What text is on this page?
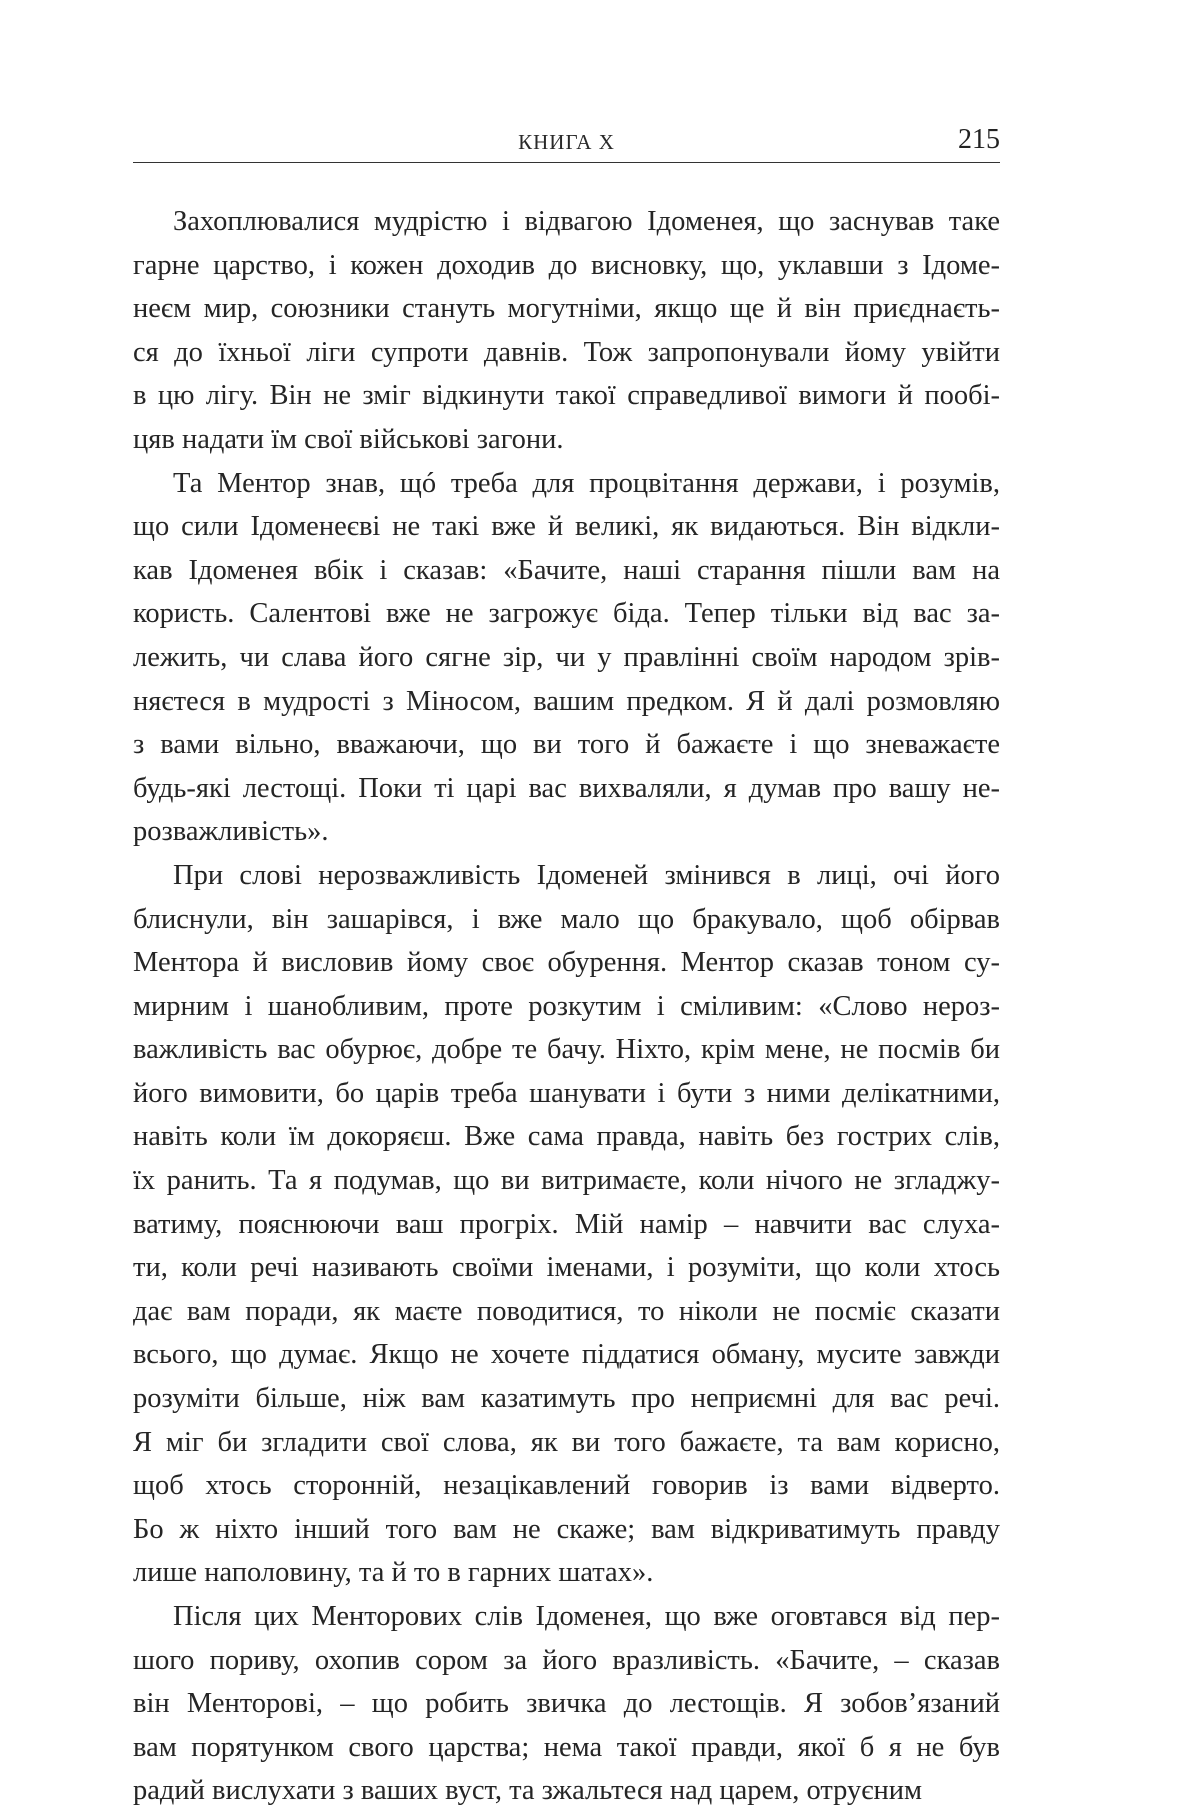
КНИГА X	215
Захоплювалися мудрістю і відвагою Ідоменея, що заснував таке
гарне царство, і кожен доходив до висновку, що, уклавши з Ідоме-
неєм мир, союзники стануть могутніми, якщо ще й він приєднаєть-
ся до їхньої ліги супроти давнів. Тож запропонували йому увійти
в цю лігу. Він не зміг відкинути такої справедливої вимоги й пообі-
цяв надати їм свої військові загони.
Та Ментор знав, щó треба для процвітання держави, і розумів,
що сили Ідоменеєві не такі вже й великі, як видаються. Він відкли-
кав Ідоменея вбік і сказав: «Бачите, наші старання пішли вам на
користь. Салентові вже не загрожує біда. Тепер тільки від вас за-
лежить, чи слава його сягне зір, чи у правлінні своїм народом зрів-
няєтеся в мудрості з Міносом, вашим предком. Я й далі розмовляю
з вами вільно, вважаючи, що ви того й бажаєте і що зневажаєте
будь-які лестощі. Поки ті царі вас вихваляли, я думав про вашу не-
розважливість».
При слові нерозважливість Ідоменей змінився в лиці, очі його
блиснули, він зашарівся, і вже мало що бракувало, щоб обірвав
Ментора й висловив йому своє обурення. Ментор сказав тоном су-
мирним і шанобливим, проте розкутим і сміливим: «Слово нероз-
важливість вас обурює, добре те бачу. Ніхто, крім мене, не посмів би
його вимовити, бо царів треба шанувати і бути з ними делікатними,
навіть коли їм докоряєш. Вже сама правда, навіть без гострих слів,
їх ранить. Та я подумав, що ви витримаєте, коли нічого не згладжу-
ватиму, пояснюючи ваш прогріх. Мій намір – навчити вас слуха-
ти, коли речі називають своїми іменами, і розуміти, що коли хтось
дає вам поради, як маєте поводитися, то ніколи не посміє сказати
всього, що думає. Якщо не хочете піддатися обману, мусите завжди
розуміти більше, ніж вам казатимуть про неприємні для вас речі.
Я міг би згладити свої слова, як ви того бажаєте, та вам корисно,
щоб хтось сторонній, незацікавлений говорив із вами відверто.
Бо ж ніхто інший того вам не скаже; вам відкриватимуть правду
лише наполовину, та й то в гарних шатах».
Після цих Менторових слів Ідоменея, що вже оговтався від пер-
шого пориву, охопив сором за його вразливість. «Бачите, – сказав
він Менторові, – що робить звичка до лестощів. Я зобов’язаний
вам порятунком свого царства; нема такої правди, якої б я не був
радий вислухати з ваших вуст, та зжальтеся над царем, отруєним
